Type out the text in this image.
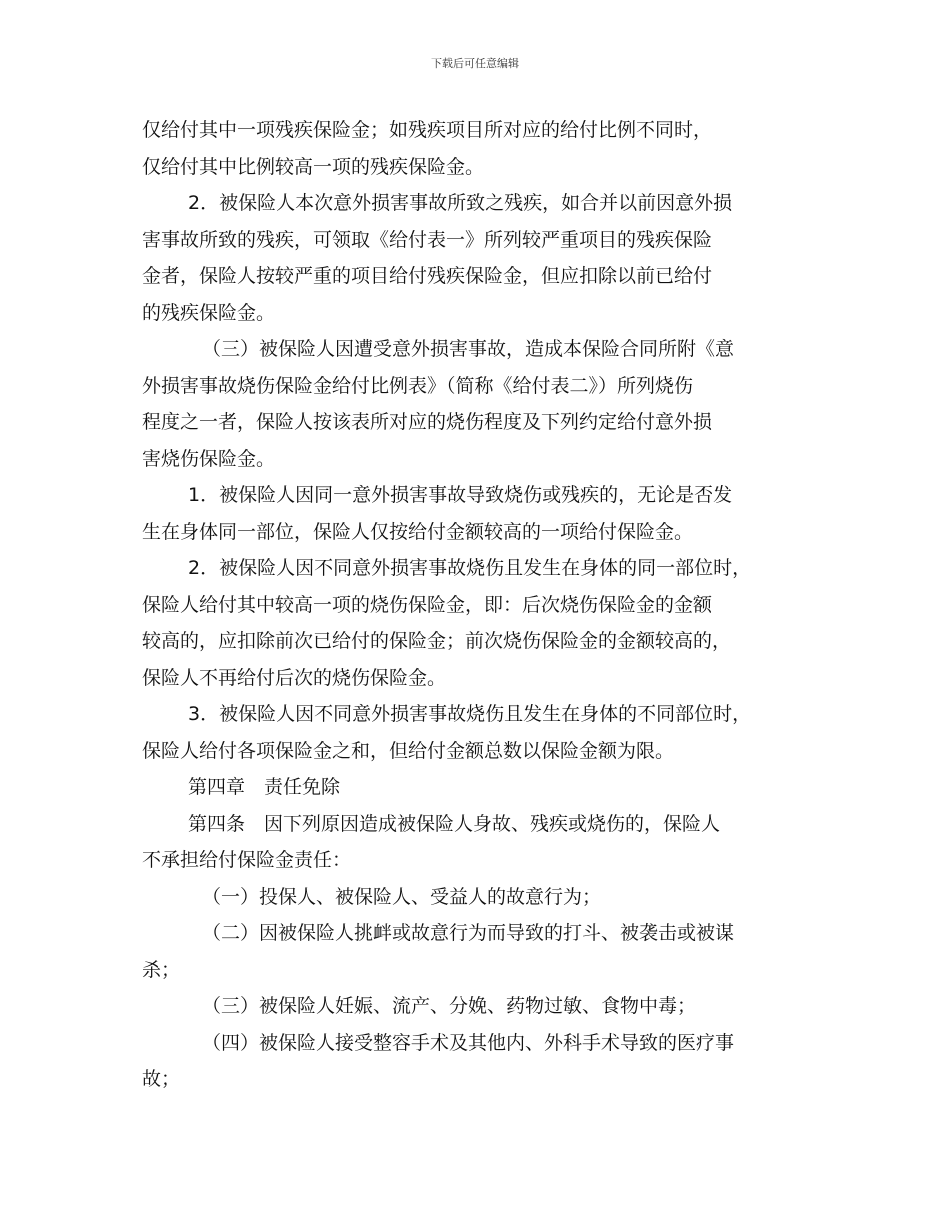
下载后可任意编辑
仅给付其中一项残疾保险金；如残疾项目所对应的给付比例不同时，
仅给付其中比例较高一项的残疾保险金。
2．被保险人本次意外损害事故所致之残疾，如合并以前因意外损
害事故所致的残疾，可领取《给付表一》所列较严重项目的残疾保险
金者，保险人按较严重的项目给付残疾保险金，但应扣除以前已给付
的残疾保险金。
（三）被保险人因遭受意外损害事故，造成本保险合同所附《意
外损害事故烧伤保险金给付比例表》（简称《给付表二》）所列烧伤
程度之一者，保险人按该表所对应的烧伤程度及下列约定给付意外损
害烧伤保险金。
1．被保险人因同一意外损害事故导致烧伤或残疾的，无论是否发
生在身体同一部位，保险人仅按给付金额较高的一项给付保险金。
2．被保险人因不同意外损害事故烧伤且发生在身体的同一部位时，
保险人给付其中较高一项的烧伤保险金，即：后次烧伤保险金的金额
较高的，应扣除前次已给付的保险金；前次烧伤保险金的金额较高的，
保险人不再给付后次的烧伤保险金。
3．被保险人因不同意外损害事故烧伤且发生在身体的不同部位时，
保险人给付各项保险金之和，但给付金额总数以保险金额为限。
第四章　责任免除
第四条　因下列原因造成被保险人身故、残疾或烧伤的，保险人
不承担给付保险金责任：
（一）投保人、被保险人、受益人的故意行为；
（二）因被保险人挑衅或故意行为而导致的打斗、被袭击或被谋
杀；
（三）被保险人妊娠、流产、分娩、药物过敏、食物中毒；
（四）被保险人接受整容手术及其他内、外科手术导致的医疗事
故；
